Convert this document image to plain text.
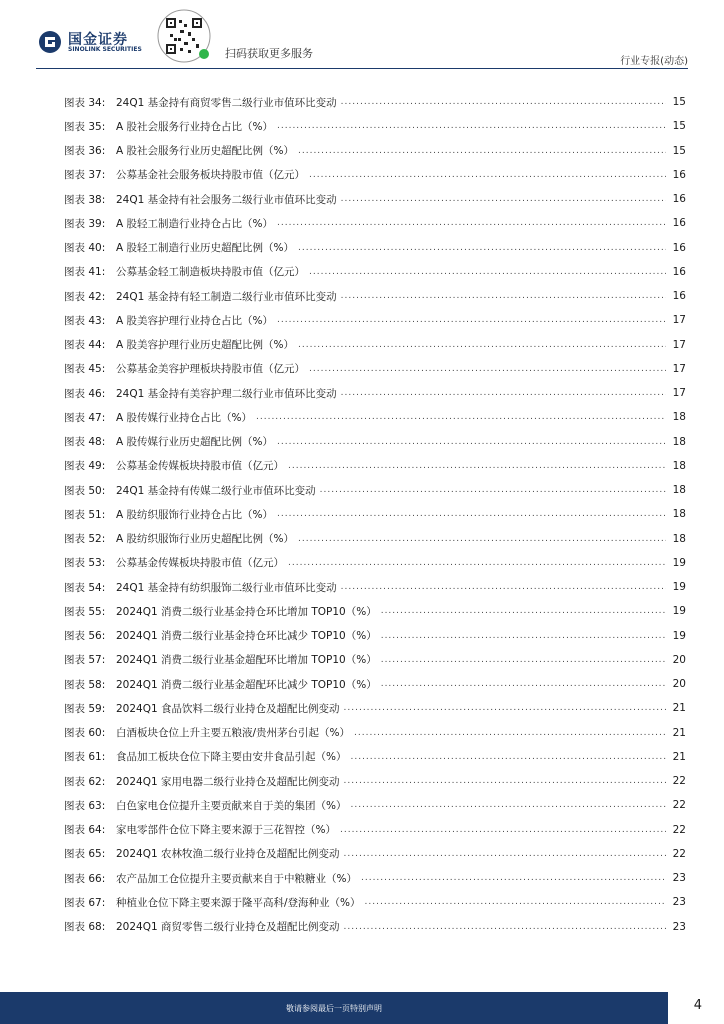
国金证券
SINOLINK SECURITIES	扫码获取更多服务
行业专报(动态)
图表 34:	24Q1 基金持有商贸零售二级行业市值环比变动 .....	15
图表 35:	A 股社会服务行业持仓占比（%） .....	15
图表 36:	A 股社会服务行业历史超配比例（%） .....	15
图表 37:	公募基金社会服务板块持股市值（亿元） .....	16
图表 38:	24Q1 基金持有社会服务二级行业市值环比变动 .....	16
图表 39:	A 股轻工制造行业持仓占比（%） .....	16
图表 40:	A 股轻工制造行业历史超配比例（%） .....	16
图表 41:	公募基金轻工制造板块持股市值（亿元） .....	16
图表 42:	24Q1 基金持有轻工制造二级行业市值环比变动 .....	16
图表 43:	A 股美容护理行业持仓占比（%） .....	17
图表 44:	A 股美容护理行业历史超配比例（%） .....	17
图表 45:	公募基金美容护理板块持股市值（亿元） .....	17
图表 46:	24Q1 基金持有美容护理二级行业市值环比变动 .....	17
图表 47:	A 股传媒行业持仓占比（%） .....	18
图表 48:	A 股传媒行业历史超配比例（%） .....	18
图表 49:	公募基金传媒板块持股市值（亿元） .....	18
图表 50:	24Q1 基金持有传媒二级行业市值环比变动 .....	18
图表 51:	A 股纺织服饰行业持仓占比（%） .....	18
图表 52:	A 股纺织服饰行业历史超配比例（%） .....	18
图表 53:	公募基金传媒板块持股市值（亿元） .....	19
图表 54:	24Q1 基金持有纺织服饰二级行业市值环比变动 .....	19
图表 55:	2024Q1 消费二级行业基金持仓环比增加 TOP10（%） .....	19
图表 56:	2024Q1 消费二级行业基金持仓环比减少 TOP10（%） .....	19
图表 57:	2024Q1 消费二级行业基金超配环比增加 TOP10（%） .....	20
图表 58:	2024Q1 消费二级行业基金超配环比减少 TOP10（%） .....	20
图表 59:	2024Q1 食品饮料二级行业持仓及超配比例变动 .....	21
图表 60:	白酒板块仓位上升主要五粮液/贵州茅台引起（%） .....	21
图表 61:	食品加工板块仓位下降主要由安井食品引起（%） .....	21
图表 62:	2024Q1 家用电器二级行业持仓及超配比例变动 .....	22
图表 63:	白色家电仓位提升主要贡献来自于美的集团（%） .....	22
图表 64:	家电零部件仓位下降主要来源于三花智控（%） .....	22
图表 65:	2024Q1 农林牧渔二级行业持仓及超配比例变动 .....	22
图表 66:	农产品加工仓位提升主要贡献来自于中粮糖业（%） .....	23
图表 67:	种植业仓位下降主要来源于隆平高科/登海种业（%） .....	23
图表 68:	2024Q1 商贸零售二级行业持仓及超配比例变动 .....	23
敬请参阅最后一页特别声明	4
